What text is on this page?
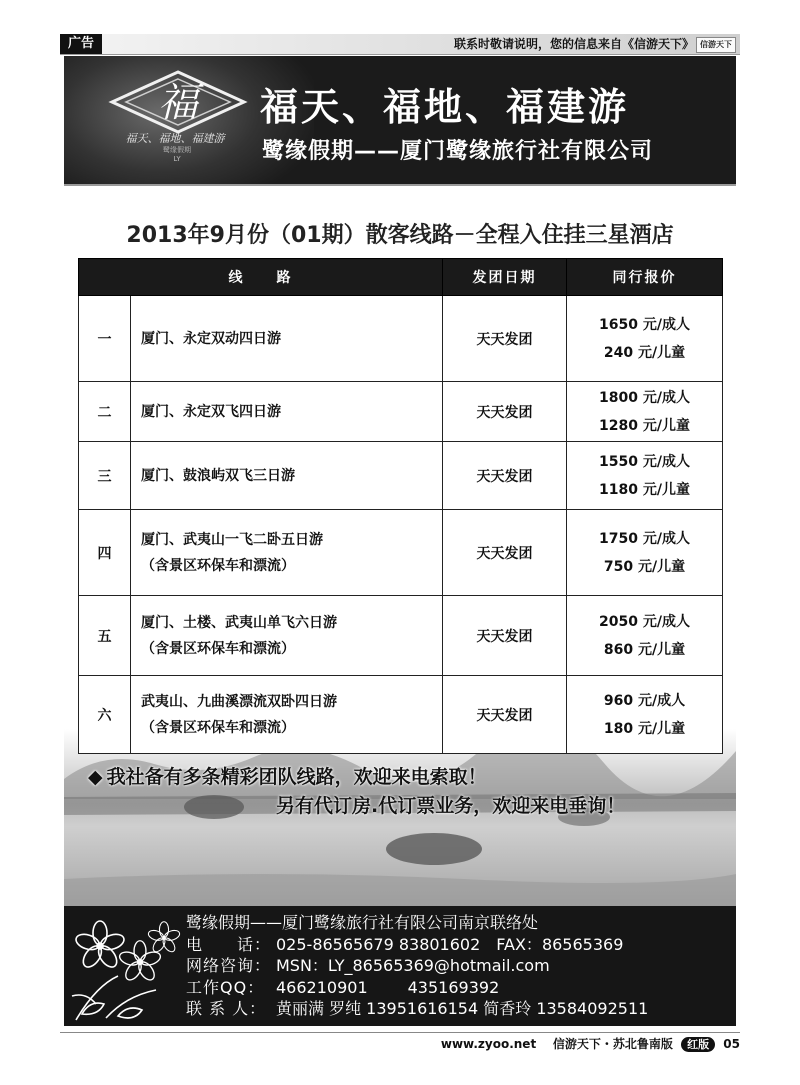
广告	联系时敬请说明，您的信息来自《信游天下》 信游天下
福
福天、福地、福建游
鹭缘假期
LY
福天、福地、福建游
鹭缘假期——厦门鹭缘旅行社有限公司
2013年9月份（01期）散客线路－全程入住挂三星酒店
线　　路		发团日期	同行报价
一	厦门、永定双动四日游	天天发团	1650 元/成人
240 元/儿童

二	厦门、永定双飞四日游	天天发团	1800 元/成人
1280 元/儿童

三	厦门、鼓浪屿双飞三日游	天天发团	1550 元/成人
1180 元/儿童

四	厦门、武夷山一飞二卧五日游
（含景区环保车和漂流）	天天发团	1750 元/成人
750 元/儿童

五	厦门、土楼、武夷山单飞六日游
（含景区环保车和漂流）	天天发团	2050 元/成人
860 元/儿童

六	武夷山、九曲溪漂流双卧四日游
（含景区环保车和漂流）	天天发团	960 元/成人
180 元/儿童
◆ 我社备有多条精彩团队线路，欢迎来电索取！
另有代订房.代订票业务，欢迎来电垂询！
鹭缘假期——厦门鹭缘旅行社有限公司南京联络处
电　　话： 025-86565679 83801602 FAX：86565369
网络咨询： MSN：LY_86565369@hotmail.com
工作QQ： 466210901	435169392
联 系 人： 黄丽满 罗纯 13951616154 简香玲 13584092511
www.zyoo.net 信游天下・苏北鲁南版 红版 05
